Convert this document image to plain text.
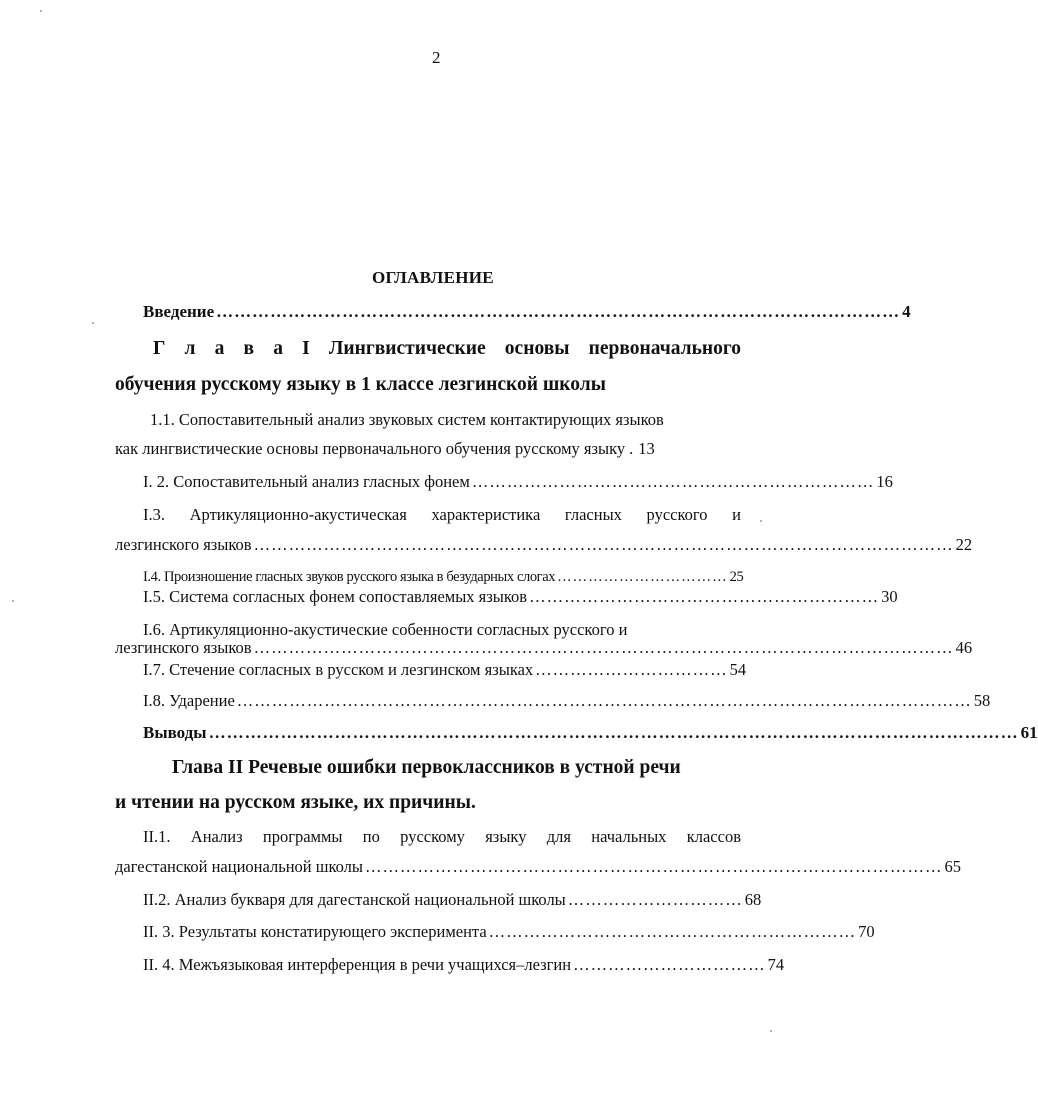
2
ОГЛАВЛЕНИЕ
Введение …………………………………………………………………………………………………… 4
Г л а в а I Лингвистические основы первоначального
обучения русскому языку в 1 классе лезгинской школы
1.1. Сопоставительный анализ звуковых систем контактирующих языков
как лингвистические основы первоначального обучения русскому языку . 13
I. 2. Сопоставительный анализ гласных фонем …………………………………………………………… 16
I.3. Артикуляционно-акустическая характеристика гласных русского и
лезгинского языков ………………………………………………………………………………………………………… 22
I.4. Произношение гласных звуков русского языка в безударных слогах …………………………… 25
I.5. Система согласных фонем сопоставляемых языков …………………………………………………… 30
I.6. Артикуляционно-акустические собенности согласных русского и
лезгинского языков ………………………………………………………………………………………………………… 46
I.7. Стечение согласных в русском и лезгинском языках …………………………… 54
I.8. Ударение ……………………………………………………………………………………………………………… 58
Выводы ……………………………………………………………………………………………………………………… 61
Глава II Речевые ошибки первоклассников в устной речи
и чтении на русском языке, их причины.
II.1. Анализ программы по русскому языку для начальных классов
дагестанской национальной школы ……………………………………………………………………………………… 65
II.2. Анализ букваря для дагестанской национальной школы ………………………… 68
II. 3. Результаты констатирующего эксперимента ……………………………………………………… 70
II. 4. Межъязыковая интерференция в речи учащихся–лезгин …………………………… 74
